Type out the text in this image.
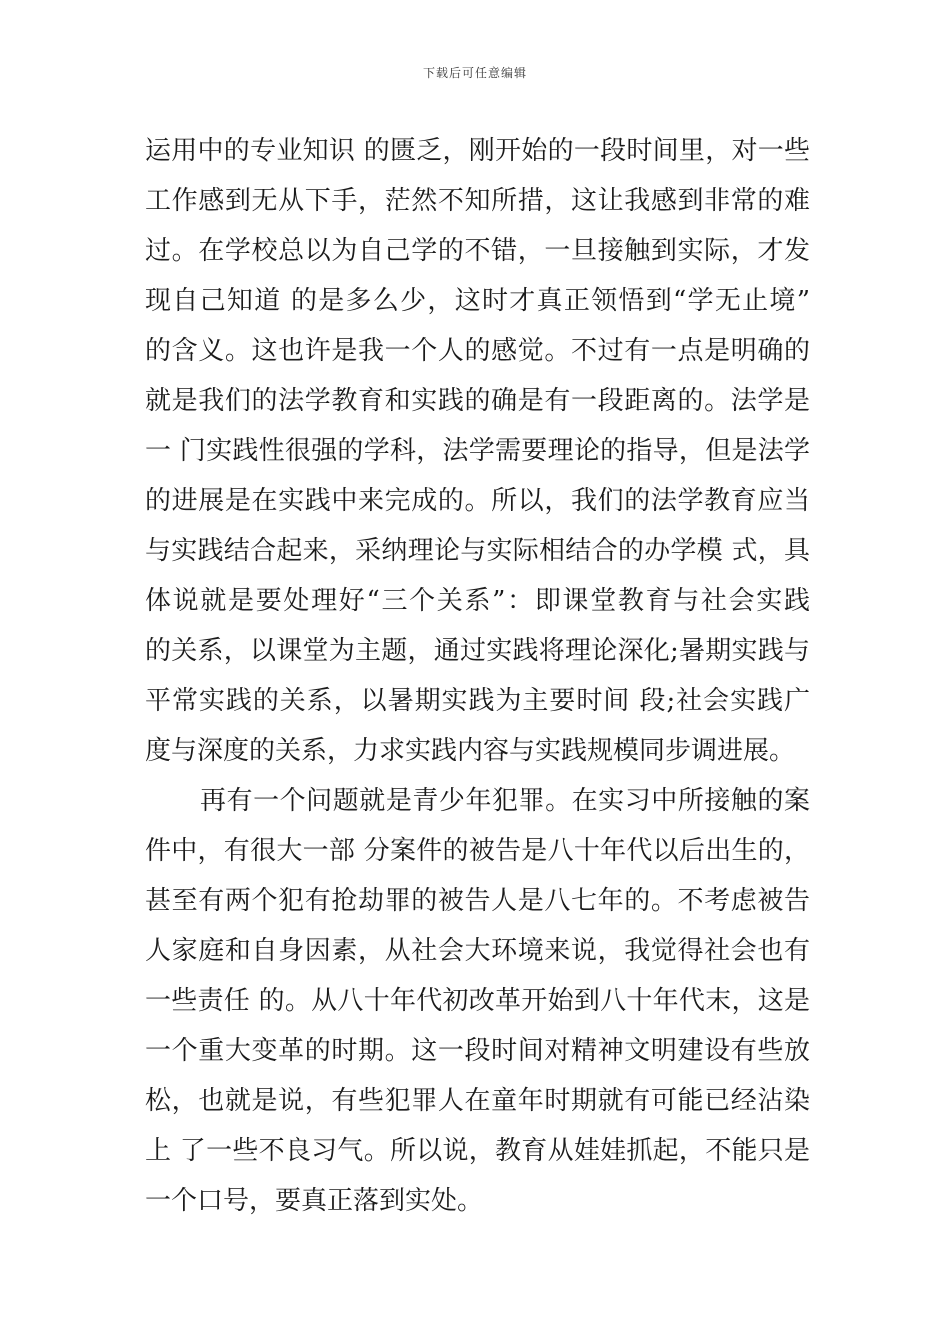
下载后可任意编辑
运用中的专业知识 的匮乏，刚开始的一段时间里，对一些
工作感到无从下手，茫然不知所措，这让我感到非常的难
过。在学校总以为自己学的不错，一旦接触到实际，才发
现自己知道 的是多么少，这时才真正领悟到“学无止境”
的含义。这也许是我一个人的感觉。不过有一点是明确的
就是我们的法学教育和实践的确是有一段距离的。法学是
一 门实践性很强的学科，法学需要理论的指导，但是法学
的进展是在实践中来完成的。所以，我们的法学教育应当
与实践结合起来，采纳理论与实际相结合的办学模 式，具
体说就是要处理好“三个关系”：即课堂教育与社会实践
的关系，以课堂为主题，通过实践将理论深化;暑期实践与
平常实践的关系，以暑期实践为主要时间 段;社会实践广
度与深度的关系，力求实践内容与实践规模同步调进展。
再有一个问题就是青少年犯罪。在实习中所接触的案
件中，有很大一部 分案件的被告是八十年代以后出生的，
甚至有两个犯有抢劫罪的被告人是八七年的。不考虑被告
人家庭和自身因素，从社会大环境来说，我觉得社会也有
一些责任 的。从八十年代初改革开始到八十年代末，这是
一个重大变革的时期。这一段时间对精神文明建设有些放
松，也就是说，有些犯罪人在童年时期就有可能已经沾染
上 了一些不良习气。所以说，教育从娃娃抓起，不能只是
一个口号，要真正落到实处。
